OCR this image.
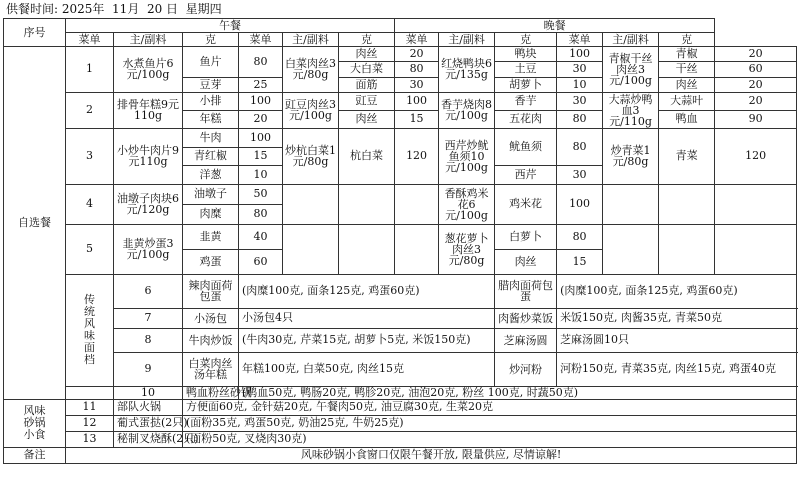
供餐时间: 2025年  11月  20 日  星期四
序号	午餐						晚餐						
	菜单	主/副料	克	菜单	主/副料	克	菜单	主/副料	克	菜单	主/副料	克	
自选餐	1	水煮鱼片6元/100g	鱼片	80	白菜肉丝3元/80g	肉丝	20	红烧鸭块6元/135g	鸭块	100	青椒干丝肉丝3元/100g	青椒	20
						大白菜	80		土豆	30		干丝	60
			豆芽	25		面筋	30		胡萝卜	10		肉丝	20
	2	排骨年糕9元110g	小排	100	豇豆肉丝3元/100g	豇豆	100	香芋烧肉8元/100g	香芋	30	大蒜炒鸭血3元/110g	大蒜叶	20
			年糕	20		肉丝	15		五花肉	80		鸭血	90
	3	小炒牛肉片9元110g	牛肉	100	炒杭白菜1元/80g	杭白菜	120	西芹炒鱿鱼须10元/100g	鱿鱼须	80	炒青菜1元/80g	青菜	120
			青红椒	15									
			洋葱	10					西芹	30			
	4	油墩子肉块6元/120g	油墩子	50				香酥鸡米花6元/100g	鸡米花	100			
			肉糜	80									
	5	韭黄炒蛋3元/100g	韭黄	40				葱花萝卜肉丝3元/80g	白萝卜	80			
			鸡蛋	60					肉丝	15			
	传统风味面档	6	辣肉面荷包蛋	(肉糜100克, 面条125克, 鸡蛋60克)					腊肉面荷包蛋	(肉糜100克, 面条125克, 鸡蛋60克)			
		7	小汤包	小汤包4只					肉酱炒菜饭	米饭150克, 肉酱35克, 青菜50克			
		8	牛肉炒饭	(牛肉30克, 芹菜15克, 胡萝卜5克, 米饭150克)					芝麻汤圆	芝麻汤圆10只			
		9	白菜肉丝汤年糕	年糕100克, 白菜50克, 肉丝15克					炒河粉	河粉150克, 青菜35克, 肉丝15克, 鸡蛋40克			
		10	鸭血粉丝砂锅	(鸭血50克, 鸭肠20克, 鸭胗20克, 油泡20克, 粉丝 100克, 时蔬50克)									
风味砂锅小食	11	部队火锅	方便面60克, 金针菇20克, 午餐肉50克, 油豆腐30克, 生菜20克										
	12	葡式蛋挞(2只)	(面粉35克, 鸡蛋50克, 奶油25克, 牛奶25克)										
	13	秘制叉烧酥(2只)	(面粉50克, 叉烧肉30克)										
备注	风味砂锅小食窗口仅限午餐开放, 限量供应, 尽情谅解!												
